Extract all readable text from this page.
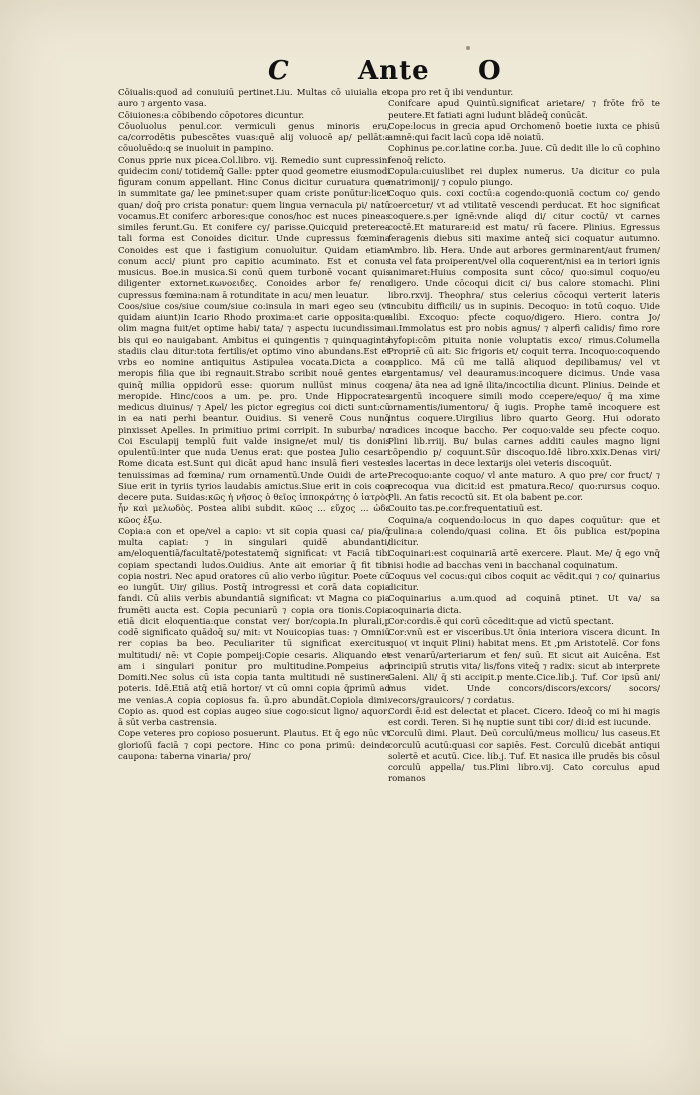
C	Ante O

Cōiualis:quod ad conuiuiū pertinet.Liu. Multas cō uiuialia et auro ⁊ argento vasa.

Cōiuiones:a cōbibendo cōpotores dicuntur.

Cōuoluolus penul.cor. vermiculi genus minoris eru/ ca/corrodētis pubescētes vuas:quē alij voluocē ap/ pellāt:a cōuoluēdo:q se inuoluit in pampino.

Conus pprie nux picea.Col.libro. vij. Remedio sunt cupressini quidecim coni/ totidemq̄ Galle: ppter quod geometre eiusmodi figuram conum appellant. Hinc Conus dicitur curuatura que in summitate ga/ lee pminet:super quam criste ponūtur:licet quan/ doq̄ pro crista ponatur: quem lingua vernacula pi/ natū vocamus.Et coniferc arbores:que conos/hoc est nuces pineas similes ferunt.Gu. Et conifere cy/ parisse.Quicquid preterea tali forma est Conoides dicitur. Unde cupressus fœmina Conoides est que i fastigium conuoluitur. Quidam etiam conum acci/ piunt pro capitio acuminato. Est et conus musicus. Boe.in musica.Si conū quem turbonē vocant quis diligenter extornet.κωνοειδες. Conoides arbor fe/ reno cupressus fœmina:nam ā rotunditate in acu/ men leuatur.

Coos/siue cos/siue coum/siue co:insula in mari egeo seu (vt quidam aiunt)in Icario Rhodo proxima:et carie opposita:que olim magna fuit/et optime habi/ tata/ ⁊ aspectu iucundissima bis qui eo nauigabant. Ambitus ei quingentis ⁊ quinquaginta stadiis clau ditur:tota fertilis/et optimo vino abundans.Est et vrbs eo nomine antiquitus Astipulea vocata.Dicta a coo meropis filia que ibi regnauit.Strabo scribit nouē gentes et quinq̄ millia oppidorū esse: quorum nullūst minus coo meropide. Hinc/coos a um. pe. pro. Unde Hippocrates medicus diuinus/ ⁊ Apel/ les pictor egregius coi dicti sunt:cū in ea nati perhi beantur. Ouidius. Si venerē Cous nunq̄ pinxisset Apelles. In primitiuo primi corripit. In suburba/ no Coi Esculapij templū fuit valde insigne/et mul/ tis donis opulentū:inter que nuda Uenus erat: que postea Julio cesari Rome dicata est.Sunt qui dicāt apud hanc insulā fieri vestes tenuissimas ad fœmina/ rum ornamentū.Unde Ouidi de arte. Siue erit in tyriis tyrios laudabis amictus.Siue erit in cois coa decere puta. Suidas:κῶς ἡ νῆσος ὁ θεῖος ἱπποκράτης ὁ ἰατρὸς ἦν καὶ μελωδὸς. Postea alibi subdit. κῶος ... εὔχος ... ὡδε κῶος ἐξω.

Copia:a con et ope/vel a capio: vt sit copia quasi ca/ pia/q̄ multa capiat: ⁊ in singulari quidē abundanti/ am/eloquentiā/facultatē/potestatemq̄ significat: vt Faciā tibi copiam spectandi ludos.Ouidius. Ante ait emoriar q̄ fit tibi copia nostri. Nec apud oratores cū alio verbo iūgitur. Poete cū eo iungūt. Uir/ gilius. Postq̄ introgressi et corā data copia fandi. Cū aliis verbis abundantiā significat: vt Magna co pia frumēti aucta est. Copia pecuniarū ⁊ copia ora tionis.Copia etiā dicit eloquentia:que constat ver/ bor/copia.In plurali,p codē significato quādoq̄ su/ mit: vt Nouicopias tuas: ⁊ Omniū rer copias ba beo. Peculiariter tū significat exercitus multitudi/ nē: vt Copie pompeij:Copie cesaris. Aliquando et am i singulari ponitur pro multitudine.Pompeius ad Domiti.Nec solus cū ista copia tanta multitudi nē sustinere poteris. Idē.Etiā atq̄ etiā hortor/ vt cū omni copia q̄primū ad me venias.A copia copiosus fa. ū.pro abundāt.Copiola dimi. Copio as. quod est copias augeo siue cogo:sicut ligno/ aquor: ā sūt verba castrensia.

Cope veteres pro copioso posuerunt. Plautus. Et q̄ ego nūc vt glorioſū faciā ⁊ copi pectore. Hinc co pona primū: deinde caupona: taberna vinaria/ pro/

copa pro ret q̄ ibi venduntur.

Conifcare apud Quintū.significat arietare/ ⁊ frōte frō te peutere.Et fatiati agni ludunt blādeq̄ conūcāt.

Cope:locus in grecia apud Orchomenō boetie iuxta ce phisū amnē:qui facit lacū copa idē noiatū.

Cophinus pe.cor.latine cor.ba. Juue. Cū dedit ille lo cū cophino fenoq̄ relicto.

Copula:cuiuslibet rei duplex numerus. Ua dicitur co pula matrimonij/ ⁊ copulo piungo.

Coquo quis. coxi coctū:a cogendo:quoniā coctum co/ gendo coercetur/ vt ad vtilitatē vescendi perducat. Et hoc significat coquere.s.per ignē:vnde aliqd di/ citur coctū/ vt carnes coctē.Et maturare:id est matu/ rū facere. Plinius. Egressus feragenis diebus siti maxime anteq̄ sici coquatur autumno. Ambro. lib. Hera. Unde aut arbores germinarent/aut frumen/ ta vel fata proiperent/vel olla coquerent/nisi ea in teriori ignis animaret:Huius composita sunt cōco/ quo:simul coquo/eu digero. Unde cōcoqui dicit ci/ bus calore stomachi. Plini libro.rxvij. Theophra/ stus celerius cōcoqui verterit lateris incubitu difficili/ us in supinis. Decoquo: in totū coquo. Uide alibi. Excoquo: pfecte coquo/digero. Hiero. contra Jo/ ui.Immolatus est pro nobis agnus/ ⁊ alperfi calidis/ fimo rore hyfopi:cōm pituita nonie voluptatis exco/ rimus.Columella Propriē cū ait: Sic frigoris et/ coquit terra. Incoquo:coquendo applico. Mā cū me tallā aliquod depilibamus/ vel vt argentamus/ vel deauramus:incoquere dicimus. Unde vasa gena/ āta nea ad ignē ilita/incoctilia dicunt. Plinius. Deinde et argentū incoquere simili modo ccepere/equo/ q̄ ma xime ornamentis/iumentoru/ q̄ iugis. Prophe tamē incoquere est intus coquere.Uirgilius libro quarto Georg. Hui odorato radices incoque baccho. Per coquo:valde seu pfecte coquo. Plini lib.rriij. Bu/ bulas carnes additi caules magno ligni cōpendio p/ coquunt.Sūr discoquo.Idē libro.xxix.Denas viri/ des lacertas in dece lextarijs olei veteris discoquūt.

Precoquo:ante coquo/ vl ante maturo. A quo pre/ cor fruct/ ⁊ precoqua vua dicit:id est pmatura.Reco/ quo:rursus coquo. Pli. An fatis recoctū sit. Et ola babent pe.cor.

Couito tas.pe.cor.frequentatiuū est.

Coquina/a coquendo:locus in quo dapes coquūtur: que et culina:a colendo/quasi colina. Et ōis publica est/popina dicitur.

Coquinari:est coquinariā artē exercere. Plaut. Me/ q̄ ego vnq̄ nisi hodie ad bacchas veni in bacchanal coquinatum.

Coquus vel cocus:qui cibos coquit ac vēdit.qui ⁊ co/ quinarius dicitur.

Coquinarius a.um.quod ad coquinā ptinet. Ut va/ sa coquinaria dicta.

Cor:cordis.ē qui corū cōcedit:que ad victū spectant.

Cor:vnū est er visceribus.Ut ōnia interiora viscera dicunt. In quo( vt inquit Plini) habitat mens. Et ,pm Aristotelē. Cor fons est venarū/arteriarum et fen/ suū. Et sicut ait Auicēna. Est principiū strutis vita/ lis/fons viteq̄ ⁊ radix: sicut ab interprete Galeni. Ali/ q̄ sti accipit.p mente.Cice.lib.j. Tuf. Cor ipsū ani/ mus videt. Unde concors/discors/excors/ socors/ vecors/grauicors/ ⁊ cordatus.

Cordi ē:id est delectat et placet. Cicero. Ideoq̄ co mi hi magis est cordi. Teren. Si hę nuptie sunt tibi cor/ di:id est iucunde.

Corculū dimi. Plaut. Deū corculū/meus mollicu/ lus caseus.Et corculū acutū:quasi cor sapiēs. Fest. Corculū dicebāt antiqui solertē et acutū. Cice. lib.j. Tuf. Et nasica ille prudēs bis cōsul corculū appella/ tus.Plini libro.vij. Cato corculus apud romanos
